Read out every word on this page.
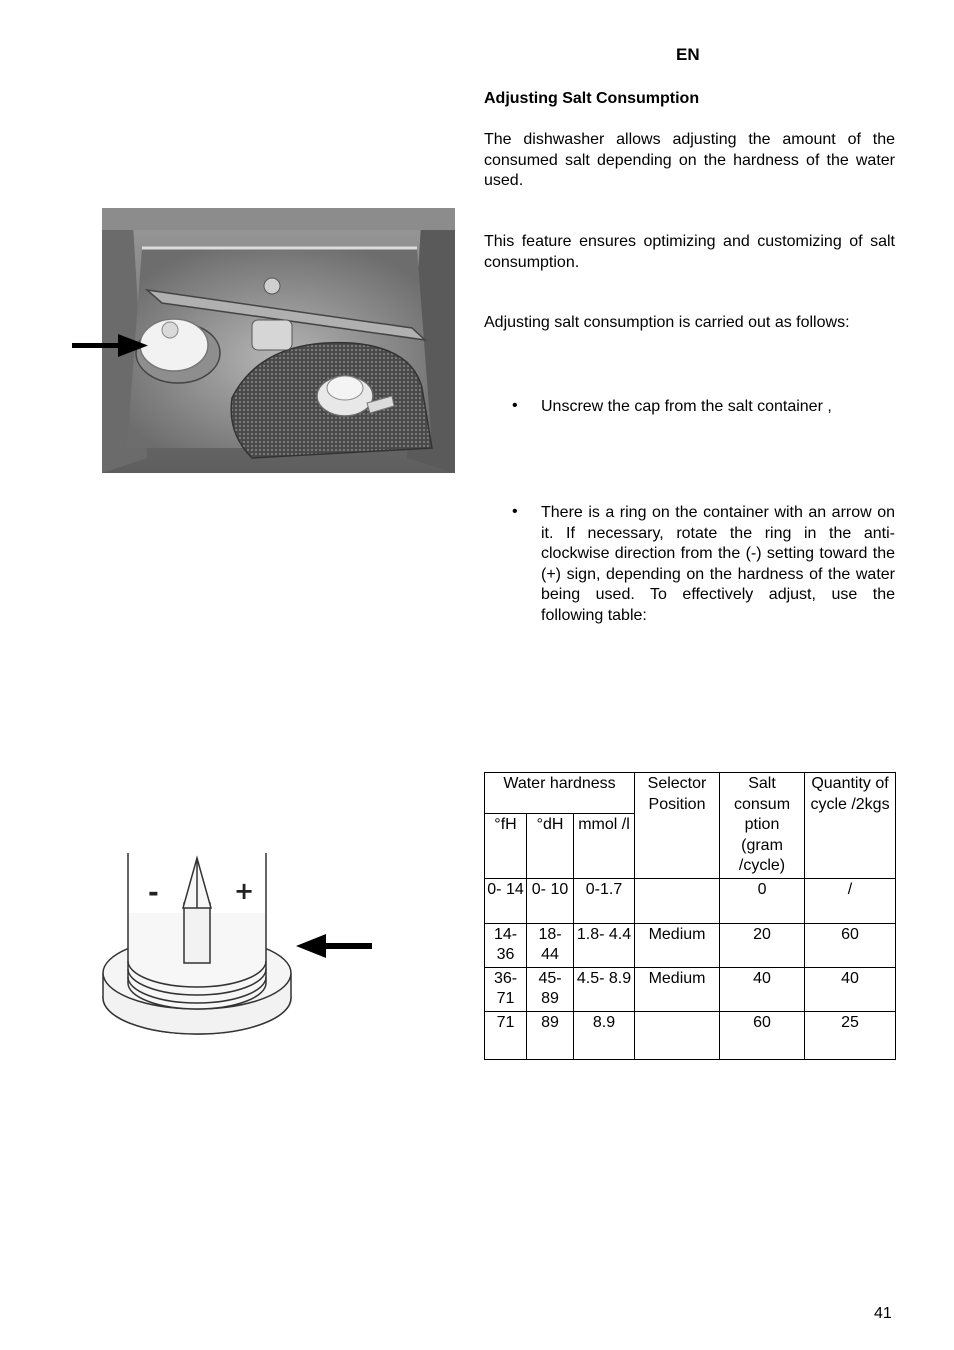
EN
Adjusting Salt Consumption
The dishwasher allows adjusting the amount of the consumed salt depending on the hardness of the water used.
This feature ensures optimizing and customizing of salt consumption.
Adjusting salt consumption is carried out as follows:
• Unscrew the cap from the salt container ,
• There is a ring on the container with an arrow on it. If necessary, rotate the ring in the anti-clockwise direction from the (-) setting toward the (+) sign, depending on the hardness of the water being used. To effectively adjust, use the following table:
-	+
Water hardness			Selector Position	Salt consum ption (gram /cycle)	Quantity of cycle /2kgs
°fH	°dH	mmol /l			
0- 14	0- 10	0-1.7		0	/
14- 36	18- 44	1.8- 4.4	Medium	20	60
36- 71	45- 89	4.5- 8.9	Medium	40	40
71	89	8.9		60	25
41
